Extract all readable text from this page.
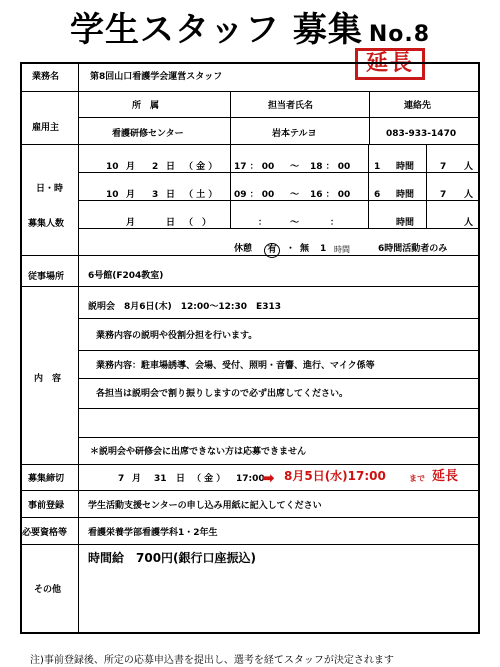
学生スタッフ 募集 No.8
延長
業務名	第8回山口看護学会運営スタッフ
雇用主
所　属	担当者氏名	連絡先
看護研修センター	岩本テルヨ	083-933-1470
日・時
募集人数
10 月 2 日 （ 金 ） 17 ： 00 ～ 18 ： 00	1 時間	7 人
10 月 3 日 （ 土 ） 09 ： 00 ～ 16 ： 00	6 時間	7 人
月	日 （　）	：	～	：	時間	人
休憩	有	・ 無 1 時間	6時間活動者のみ
従事場所	6号館(F204教室)
内　容
説明会　8月6日(木)　12:00～12:30　E313
業務内容の説明や役割分担を行います。
業務内容：駐車場誘導、会場、受付、照明・音響、進行、マイク係等
各担当は説明会で割り振りしますので必ず出席してください。
＊説明会や研修会に出席できない方は応募できません
募集締切	7 月 31 日 （ 金 ） 17:00
➡ 8月5日(水)17:00	まで 延長
事前登録	学生活動支援センターの申し込み用紙に記入してください
必要資格等 看護栄養学部看護学科1・2年生
その他
時間給　700円(銀行口座振込)
注)事前登録後、所定の応募申込書を提出し、選考を経てスタッフが決定されます
